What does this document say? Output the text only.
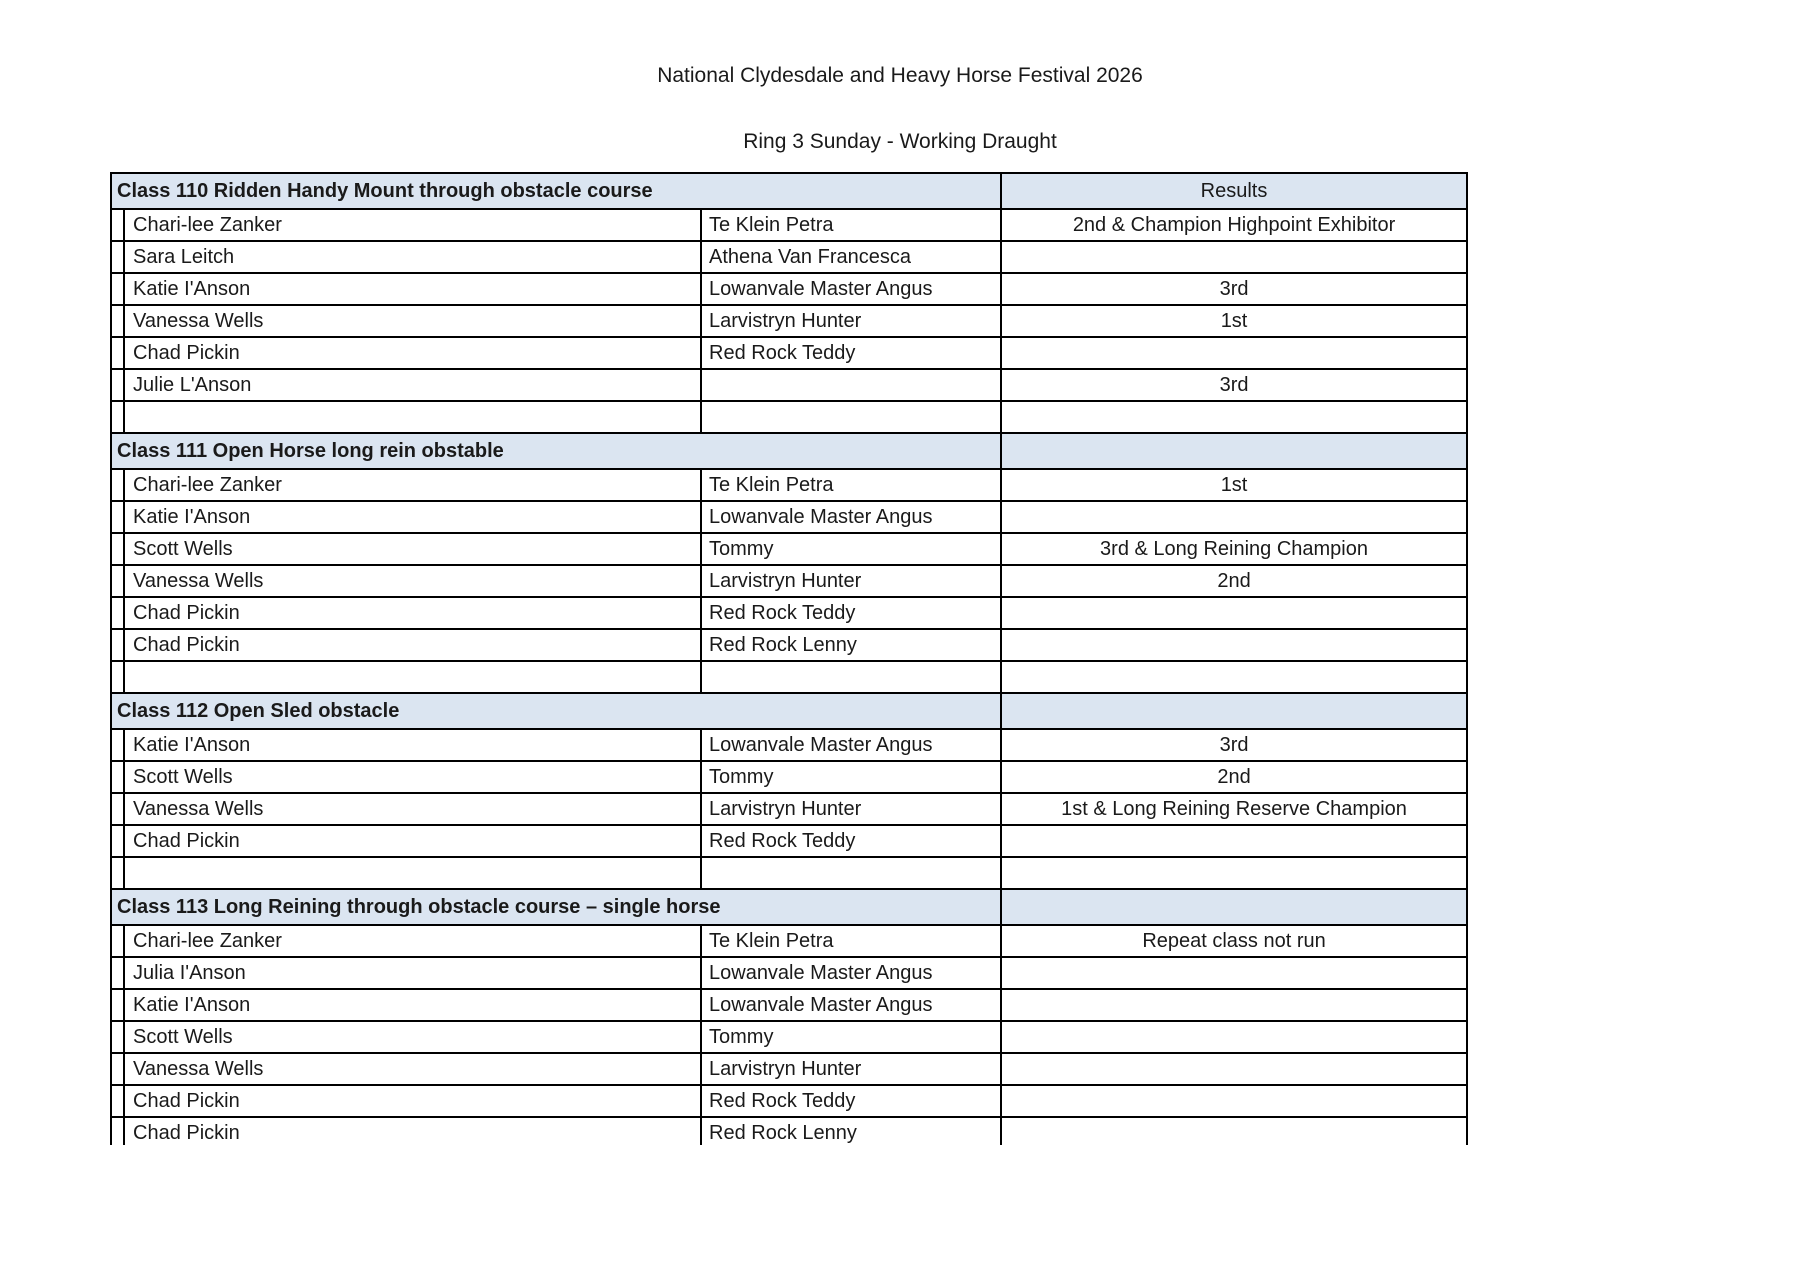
National Clydesdale and Heavy Horse Festival 2026
Ring 3 Sunday - Working Draught
Class 110 Ridden Handy Mount through obstacle course			Results
	Chari-lee Zanker	Te Klein Petra	2nd & Champion Highpoint Exhibitor
	Sara Leitch	Athena Van Francesca	
	Katie I'Anson	Lowanvale Master Angus	3rd
	Vanessa Wells	Larvistryn Hunter	1st
	Chad Pickin	Red Rock Teddy	
	Julie L'Anson		3rd

Class 111 Open Horse long rein obstable			
	Chari-lee Zanker	Te Klein Petra	1st
	Katie I'Anson	Lowanvale Master Angus	
	Scott Wells	Tommy	3rd & Long Reining Champion
	Vanessa Wells	Larvistryn Hunter	2nd
	Chad Pickin	Red Rock Teddy	
	Chad Pickin	Red Rock Lenny	

Class 112 Open Sled obstacle			
	Katie I'Anson	Lowanvale Master Angus	3rd
	Scott Wells	Tommy	2nd
	Vanessa Wells	Larvistryn Hunter	1st & Long Reining Reserve Champion
	Chad Pickin	Red Rock Teddy	

Class 113 Long Reining through obstacle course – single horse			
	Chari-lee Zanker	Te Klein Petra	Repeat class not run
	Julia I'Anson	Lowanvale Master Angus	
	Katie I'Anson	Lowanvale Master Angus	
	Scott Wells	Tommy	
	Vanessa Wells	Larvistryn Hunter	
	Chad Pickin	Red Rock Teddy	
	Chad Pickin	Red Rock Lenny	
